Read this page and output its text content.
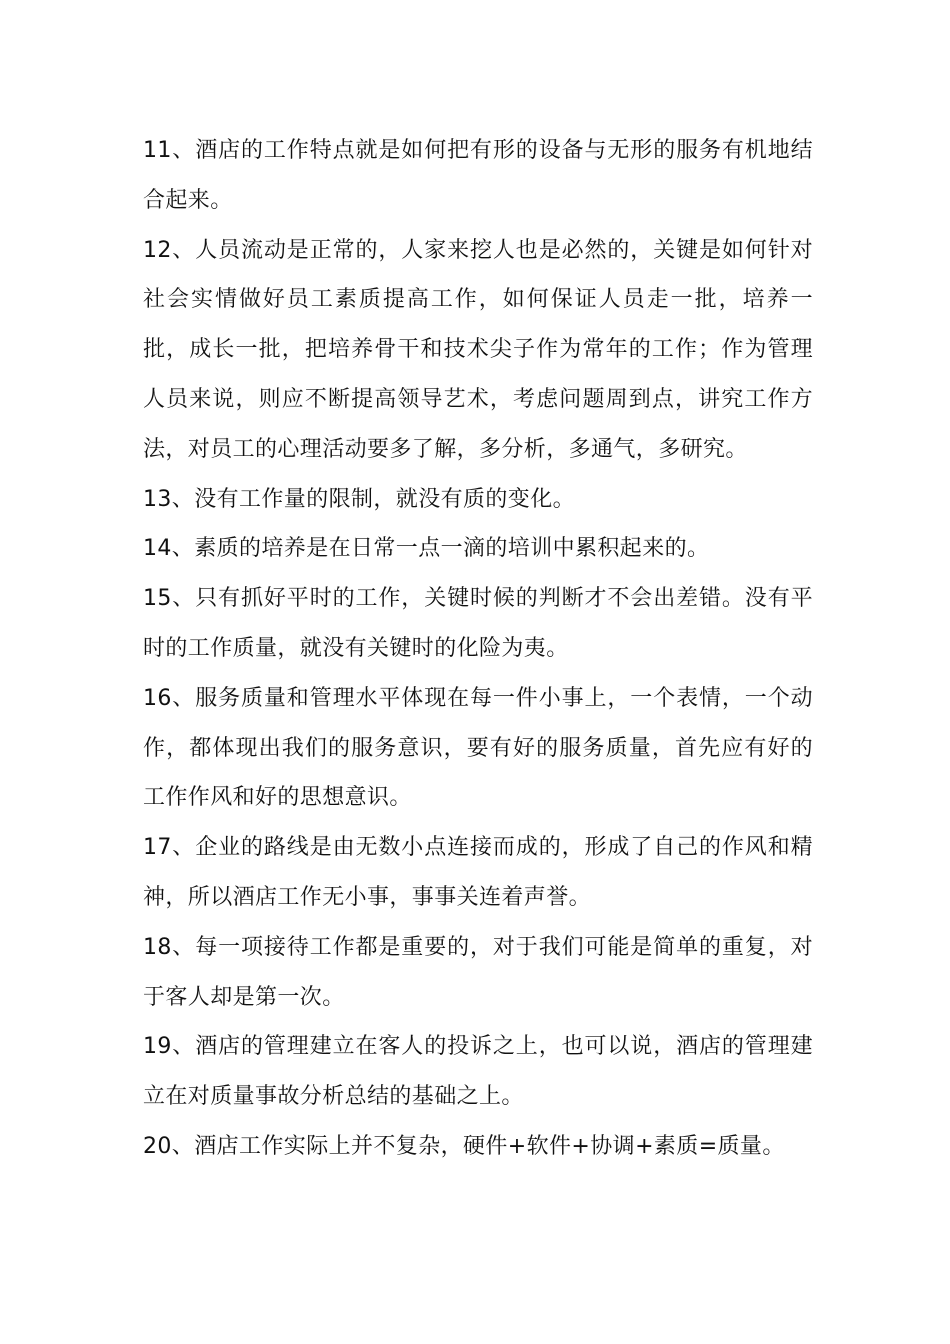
11、酒店的工作特点就是如何把有形的设备与无形的服务有机地结合起来。

12、人员流动是正常的，人家来挖人也是必然的，关键是如何针对社会实情做好员工素质提高工作，如何保证人员走一批，培养一批，成长一批，把培养骨干和技术尖子作为常年的工作；作为管理人员来说，则应不断提高领导艺术，考虑问题周到点，讲究工作方法，对员工的心理活动要多了解，多分析，多通气，多研究。

13、没有工作量的限制，就没有质的变化。

14、素质的培养是在日常一点一滴的培训中累积起来的。

15、只有抓好平时的工作，关键时候的判断才不会出差错。没有平时的工作质量，就没有关键时的化险为夷。

16、服务质量和管理水平体现在每一件小事上，一个表情，一个动作，都体现出我们的服务意识，要有好的服务质量，首先应有好的工作作风和好的思想意识。

17、企业的路线是由无数小点连接而成的，形成了自己的作风和精神，所以酒店工作无小事，事事关连着声誉。

18、每一项接待工作都是重要的，对于我们可能是简单的重复，对于客人却是第一次。

19、酒店的管理建立在客人的投诉之上，也可以说，酒店的管理建立在对质量事故分析总结的基础之上。

20、酒店工作实际上并不复杂，硬件+软件+协调+素质=质量。
